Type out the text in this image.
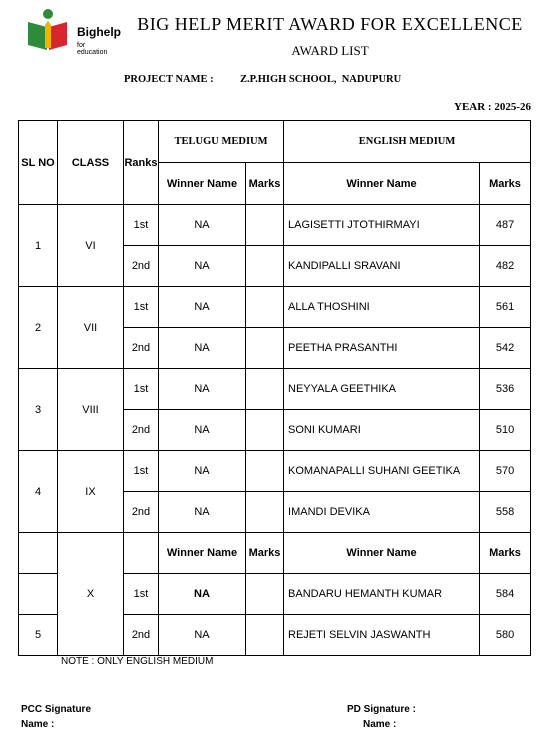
Bighelp
for education
BIG HELP MERIT AWARD FOR EXCELLENCE
AWARD LIST
PROJECT NAME :	Z.P.HIGH SCHOOL,  NADUPURU
YEAR : 2025-26
SL NO	CLASS	Ranks	TELUGU MEDIUM		ENGLISH MEDIUM	
			Winner Name	Marks	Winner Name	Marks
1	VI	1st	NA		LAGISETTI JTOTHIRMAYI	487
		2nd	NA		KANDIPALLI SRAVANI	482
2	VII	1st	NA		ALLA THOSHINI	561
		2nd	NA		PEETHA PRASANTHI	542
3	VIII	1st	NA		NEYYALA GEETHIKA	536
		2nd	NA		SONI KUMARI	510
4	IX	1st	NA		KOMANAPALLI SUHANI GEETIKA	570
		2nd	NA		IMANDI DEVIKA	558
	X		Winner Name	Marks	Winner Name	Marks
		1st	NA		BANDARU HEMANTH KUMAR	584
5		2nd	NA		REJETI SELVIN JASWANTH	580
NOTE : ONLY ENGLISH MEDIUM
PCC Signature
Name :
PD Signature :
Name :
